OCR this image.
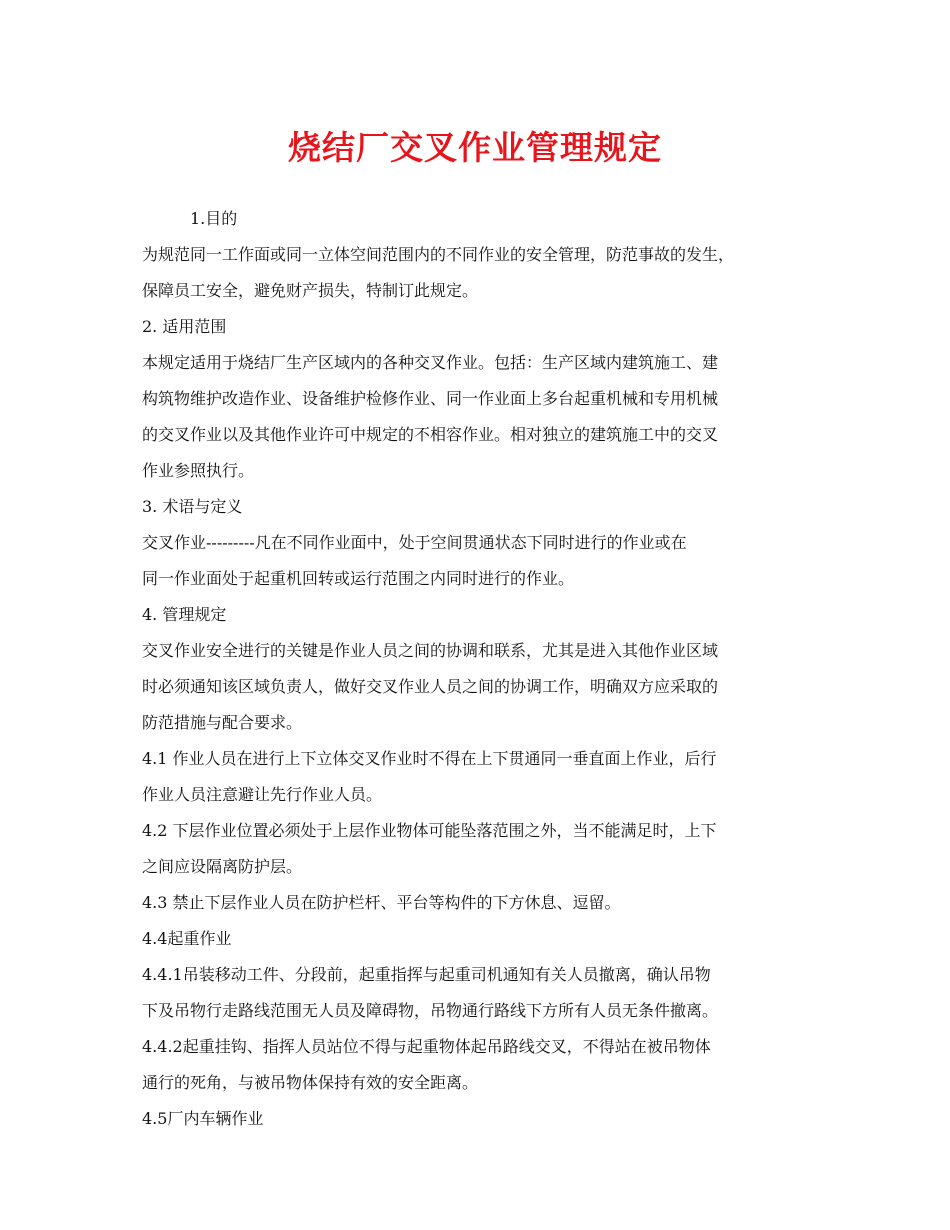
烧结厂交叉作业管理规定
1.目的
为规范同一工作面或同一立体空间范围内的不同作业的安全管理，防范事故的发生，
保障员工安全，避免财产损失，特制订此规定。
2. 适用范围
本规定适用于烧结厂生产区域内的各种交叉作业。包括：生产区域内建筑施工、建
构筑物维护改造作业、设备维护检修作业、同一作业面上多台起重机械和专用机械
的交叉作业以及其他作业许可中规定的不相容作业。相对独立的建筑施工中的交叉
作业参照执行。
3. 术语与定义
交叉作业---------凡在不同作业面中，处于空间贯通状态下同时进行的作业或在
同一作业面处于起重机回转或运行范围之内同时进行的作业。
4. 管理规定
交叉作业安全进行的关键是作业人员之间的协调和联系，尤其是进入其他作业区域
时必须通知该区域负责人，做好交叉作业人员之间的协调工作，明确双方应采取的
防范措施与配合要求。
4.1 作业人员在进行上下立体交叉作业时不得在上下贯通同一垂直面上作业，后行
作业人员注意避让先行作业人员。
4.2 下层作业位置必须处于上层作业物体可能坠落范围之外，当不能满足时，上下
之间应设隔离防护层。
4.3 禁止下层作业人员在防护栏杆、平台等构件的下方休息、逗留。
4.4起重作业
4.4.1吊装移动工件、分段前，起重指挥与起重司机通知有关人员撤离，确认吊物
下及吊物行走路线范围无人员及障碍物，吊物通行路线下方所有人员无条件撤离。
4.4.2起重挂钩、指挥人员站位不得与起重物体起吊路线交叉，不得站在被吊物体
通行的死角，与被吊物体保持有效的安全距离。
4.5厂内车辆作业
